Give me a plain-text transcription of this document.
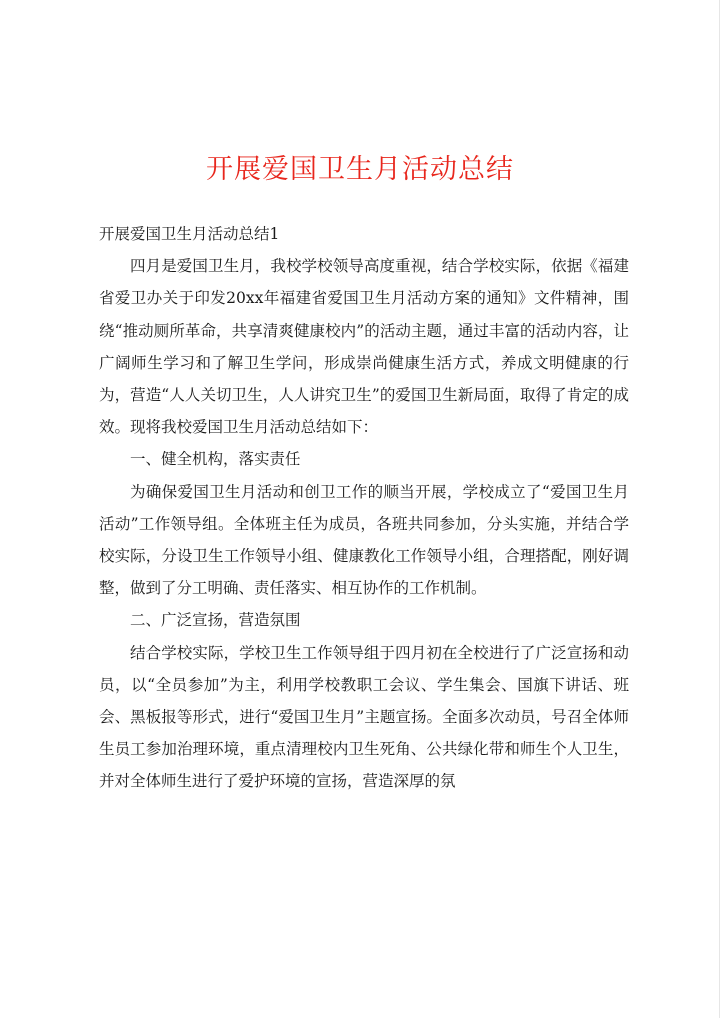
开展爱国卫生月活动总结

开展爱国卫生月活动总结1

四月是爱国卫生月，我校学校领导高度重视，结合学校实际，依据《福建省爱卫办关于印发20xx年福建省爱国卫生月活动方案的通知》文件精神，围绕“推动厕所革命，共享清爽健康校内”的活动主题，通过丰富的活动内容，让广阔师生学习和了解卫生学问，形成崇尚健康生活方式，养成文明健康的行为，营造“人人关切卫生，人人讲究卫生”的爱国卫生新局面，取得了肯定的成效。现将我校爱国卫生月活动总结如下：

一、健全机构，落实责任

为确保爱国卫生月活动和创卫工作的顺当开展，学校成立了“爱国卫生月活动”工作领导组。全体班主任为成员，各班共同参加，分头实施，并结合学校实际，分设卫生工作领导小组、健康教化工作领导小组，合理搭配，刚好调整，做到了分工明确、责任落实、相互协作的工作机制。

二、广泛宣扬，营造氛围

结合学校实际，学校卫生工作领导组于四月初在全校进行了广泛宣扬和动员，以“全员参加”为主，利用学校教职工会议、学生集会、国旗下讲话、班会、黑板报等形式，进行“爱国卫生月”主题宣扬。全面多次动员，号召全体师生员工参加治理环境，重点清理校内卫生死角、公共绿化带和师生个人卫生，并对全体师生进行了爱护环境的宣扬，营造深厚的氛
